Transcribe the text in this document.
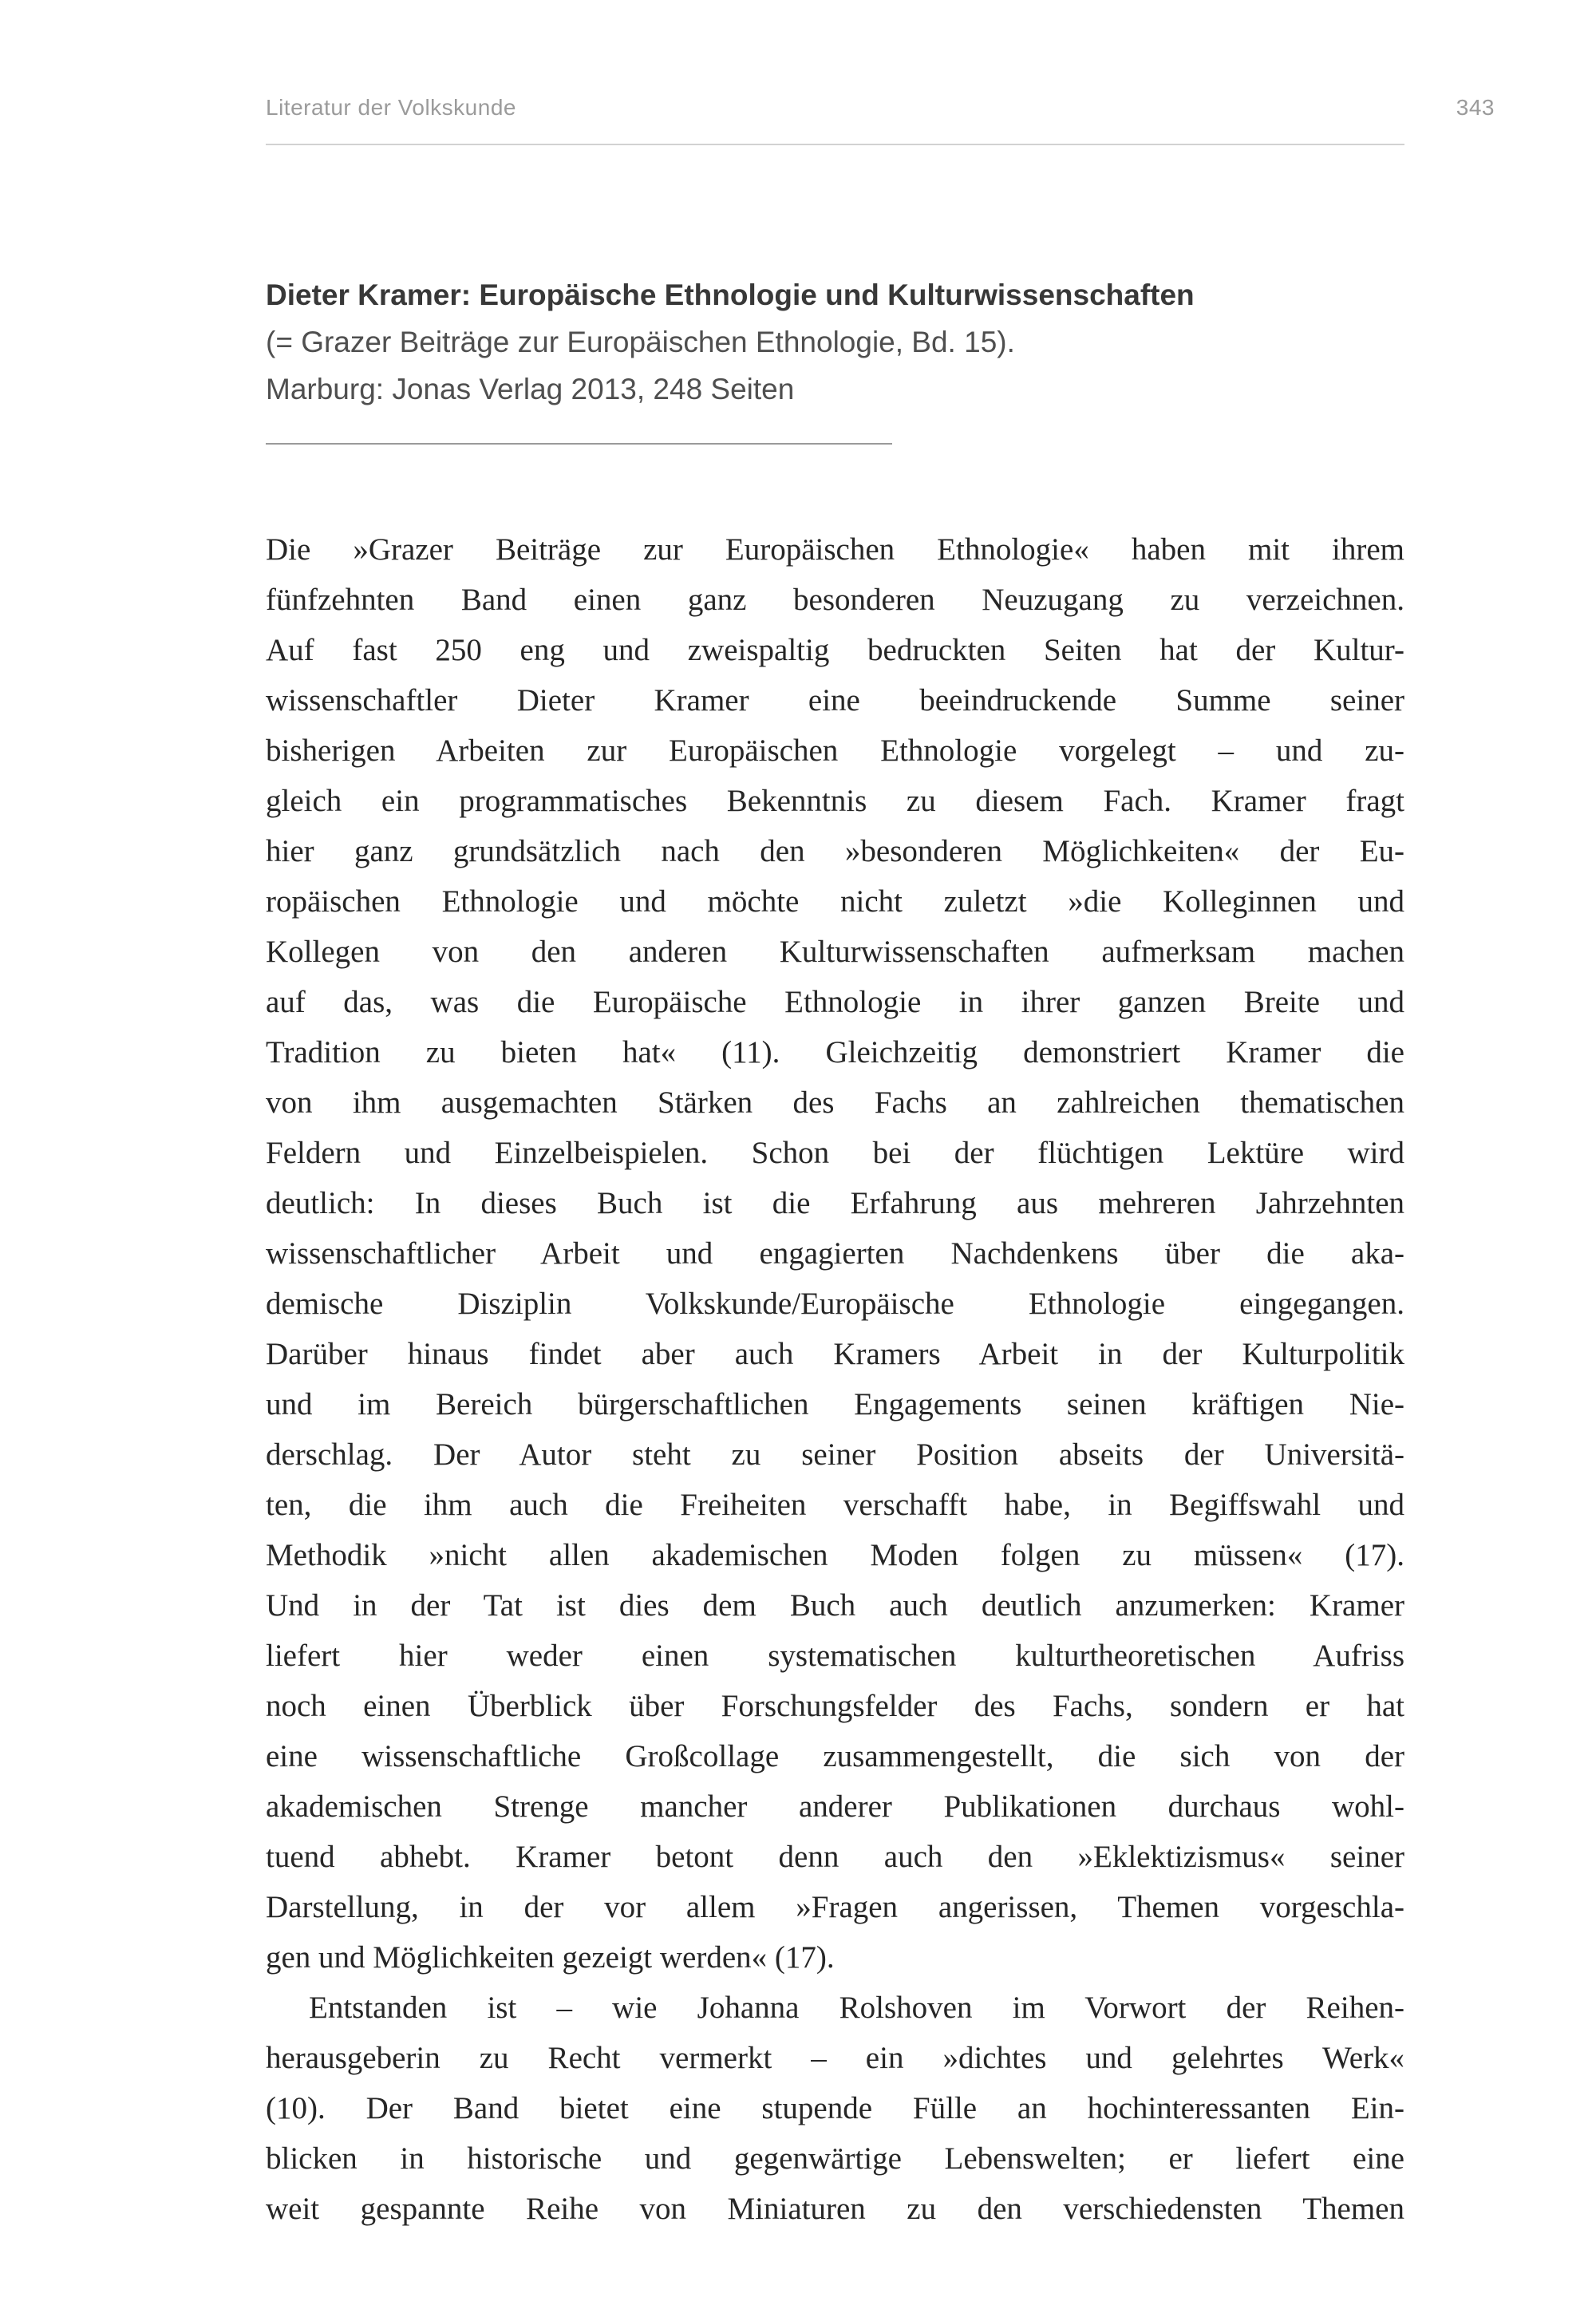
Literatur der Volkskunde	343
Dieter Kramer: Europäische Ethnologie und Kulturwissenschaften
(= Grazer Beiträge zur Europäischen Ethnologie, Bd. 15).
Marburg: Jonas Verlag 2013, 248 Seiten
Die »Grazer Beiträge zur Europäischen Ethnologie« haben mit ihrem
fünfzehnten Band einen ganz besonderen Neuzugang zu verzeichnen.
Auf fast 250 eng und zweispaltig bedruckten Seiten hat der Kultur-
wissenschaftler Dieter Kramer eine beeindruckende Summe seiner
bisherigen Arbeiten zur Europäischen Ethnologie vorgelegt – und zu-
gleich ein programmatisches Bekenntnis zu diesem Fach. Kramer fragt
hier ganz grundsätzlich nach den »besonderen Möglichkeiten« der Eu-
ropäischen Ethnologie und möchte nicht zuletzt »die Kolleginnen und
Kollegen von den anderen Kulturwissenschaften aufmerksam machen
auf das, was die Europäische Ethnologie in ihrer ganzen Breite und
Tradition zu bieten hat« (11). Gleichzeitig demonstriert Kramer die
von ihm ausgemachten Stärken des Fachs an zahlreichen thematischen
Feldern und Einzelbeispielen. Schon bei der flüchtigen Lektüre wird
deutlich: In dieses Buch ist die Erfahrung aus mehreren Jahrzehnten
wissenschaftlicher Arbeit und engagierten Nachdenkens über die aka-
demische Disziplin Volkskunde/Europäische Ethnologie eingegangen.
Darüber hinaus findet aber auch Kramers Arbeit in der Kulturpolitik
und im Bereich bürgerschaftlichen Engagements seinen kräftigen Nie-
derschlag. Der Autor steht zu seiner Position abseits der Universitä-
ten, die ihm auch die Freiheiten verschafft habe, in Begiffswahl und
Methodik »nicht allen akademischen Moden folgen zu müssen« (17).
Und in der Tat ist dies dem Buch auch deutlich anzumerken: Kramer
liefert hier weder einen systematischen kulturtheoretischen Aufriss
noch einen Überblick über Forschungsfelder des Fachs, sondern er hat
eine wissenschaftliche Großcollage zusammengestellt, die sich von der
akademischen Strenge mancher anderer Publikationen durchaus wohl-
tuend abhebt. Kramer betont denn auch den »Eklektizismus« seiner
Darstellung, in der vor allem »Fragen angerissen, Themen vorgeschla-
gen und Möglichkeiten gezeigt werden« (17).
Entstanden ist – wie Johanna Rolshoven im Vorwort der Reihen-
herausgeberin zu Recht vermerkt – ein »dichtes und gelehrtes Werk«
(10). Der Band bietet eine stupende Fülle an hochinteressanten Ein-
blicken in historische und gegenwärtige Lebenswelten; er liefert eine
weit gespannte Reihe von Miniaturen zu den verschiedensten Themen
